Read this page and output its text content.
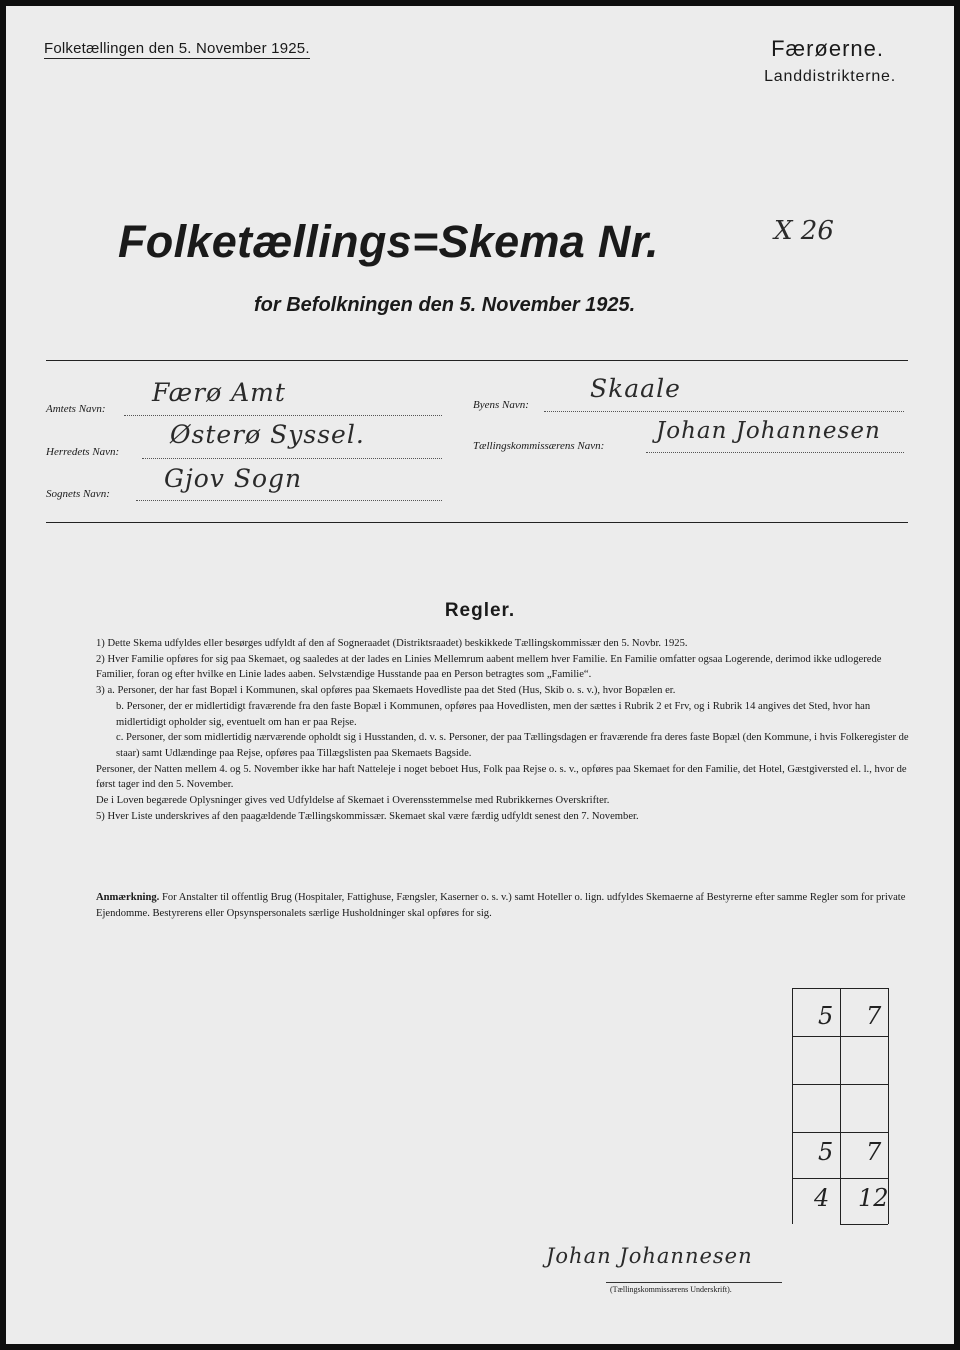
Folketællingen den 5. November 1925.	Færøerne.
Landdistrikterne.
Folketællings=Skema Nr.	X 26
for Befolkningen den 5. November 1925.
Amtets Navn:
Færø Amt
Herredets Navn:
Østerø Syssel.
Sognets Navn:
Gjov Sogn
Byens Navn:
Skaale
Tællingskommissærens Navn:
Johan Johannesen
Regler.

1) Dette Skema udfyldes eller besørges udfyldt af den af Sogneraadet (Distriktsraadet) beskikkede Tællingskommissær den 5. Novbr. 1925.

2) Hver Familie opføres for sig paa Skemaet, og saaledes at der lades en Linies Mellemrum aabent mellem hver Familie. En Familie omfatter ogsaa Logerende, derimod ikke udlogerede Familier, foran og efter hvilke en Linie lades aaben. Selvstændige Husstande paa en Person betragtes som „Familie“.

3) a. Personer, der har fast Bopæl i Kommunen, skal opføres paa Skemaets Hovedliste paa det Sted (Hus, Skib o. s. v.), hvor Bopælen er.

b. Personer, der er midlertidigt fraværende fra den faste Bopæl i Kommunen, opføres paa Hovedlisten, men der sættes i Rubrik 2 et Frv, og i Rubrik 14 angives det Sted, hvor han midlertidigt opholder sig, eventuelt om han er paa Rejse.

c. Personer, der som midlertidig nærværende opholdt sig i Husstanden, d. v. s. Personer, der paa Tællingsdagen er fraværende fra deres faste Bopæl (den Kommune, i hvis Folkeregister de staar) samt Udlændinge paa Rejse, opføres paa Tillægslisten paa Skemaets Bagside.

Personer, der Natten mellem 4. og 5. November ikke har haft Natteleje i noget beboet Hus, Folk paa Rejse o. s. v., opføres paa Skemaet for den Familie, det Hotel, Gæstgiversted el. l., hvor de først tager ind den 5. November.

De i Loven begærede Oplysninger gives ved Udfyldelse af Skemaet i Overensstemmelse med Rubrikkernes Overskrifter.

5) Hver Liste underskrives af den paagældende Tællingskommissær. Skemaet skal være færdig udfyldt senest den 7. November.

Anmærkning. For Anstalter til offentlig Brug (Hospitaler, Fattighuse, Fængsler, Kaserner o. s. v.) samt Hoteller o. lign. udfyldes Skemaerne af Bestyrerne efter samme Regler som for private Ejendomme. Bestyrerens eller Opsynspersonalets særlige Husholdninger skal opføres for sig.

5 7
5 7
4 12
Johan Johannesen
(Tællingskommissærens Underskrift).
